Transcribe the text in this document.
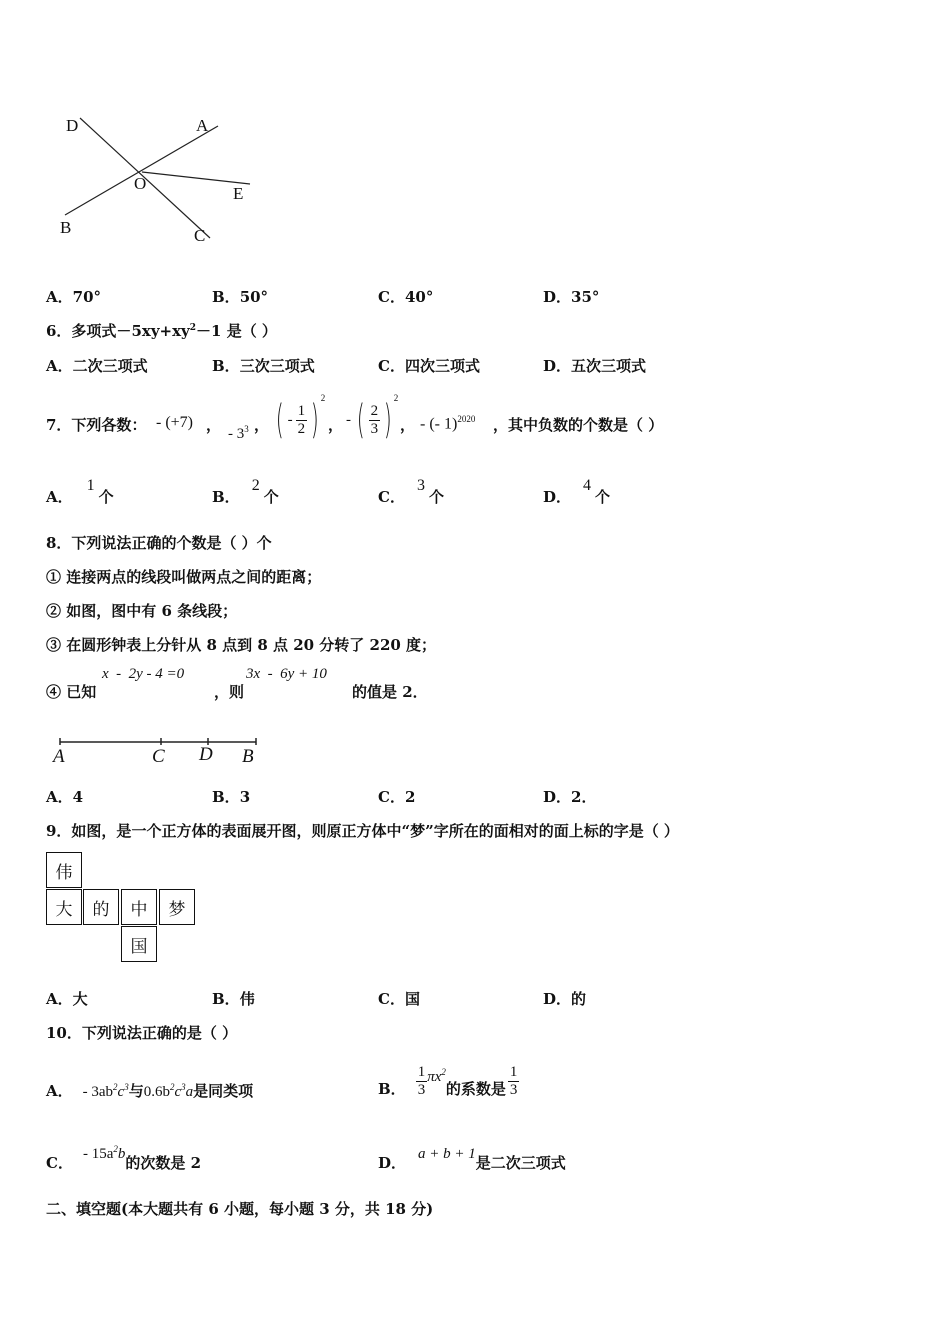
D	A
O
E
B	C
A．70°	B．50°	C．40°	D．35°
6．多项式$-5xy+xy^2-1$ 是（ ）
A．二次三项式	B．三次三项式	C．四次三项式	D．五次三项式
7．下列各数： - (+7) ， - $3^3$ ， ( - $\frac{1}{2}$ ) 2
， - ( $\frac{2}{3}$ ) 2
， - (- 1)$^{2020}$ ，其中负数的个数是（ ）
A．1个	B．2个	C．3个	D．4个
8．下列说法正确的个数是（ ）个
① 连接两点的线段叫做两点之间的距离；
② 如图，图中有 6 条线段；
③ 在圆形钟表上分针从 8 点到 8 点 20 分转了 220 度；
④ 已知
x  -  2y - 4 =0
，则
3x  -  6y + 10
的值是 2．
A	C D B
A．4	B．3	C．2	D．2．
9．如图，是一个正方体的表面展开图，则原正方体中“梦”字所在的面相对的面上标的字是（ ）
伟
大	的	中	梦
国
A．大	B．伟	C．国	D．的
10．下列说法正确的是（ ）
A． - $3ab^2c^3$ 与 $0.6b^2c^3a$ 是同类项	B． $\frac{1}{3} \pi x^2$
的系数是 $\frac{1}{3}$
C． - $15a^2b$ 的次数是 2	D． a + b + 1 是二次三项式
二、填空题(本大题共有 6 小题，每小题 3 分，共 18 分)
